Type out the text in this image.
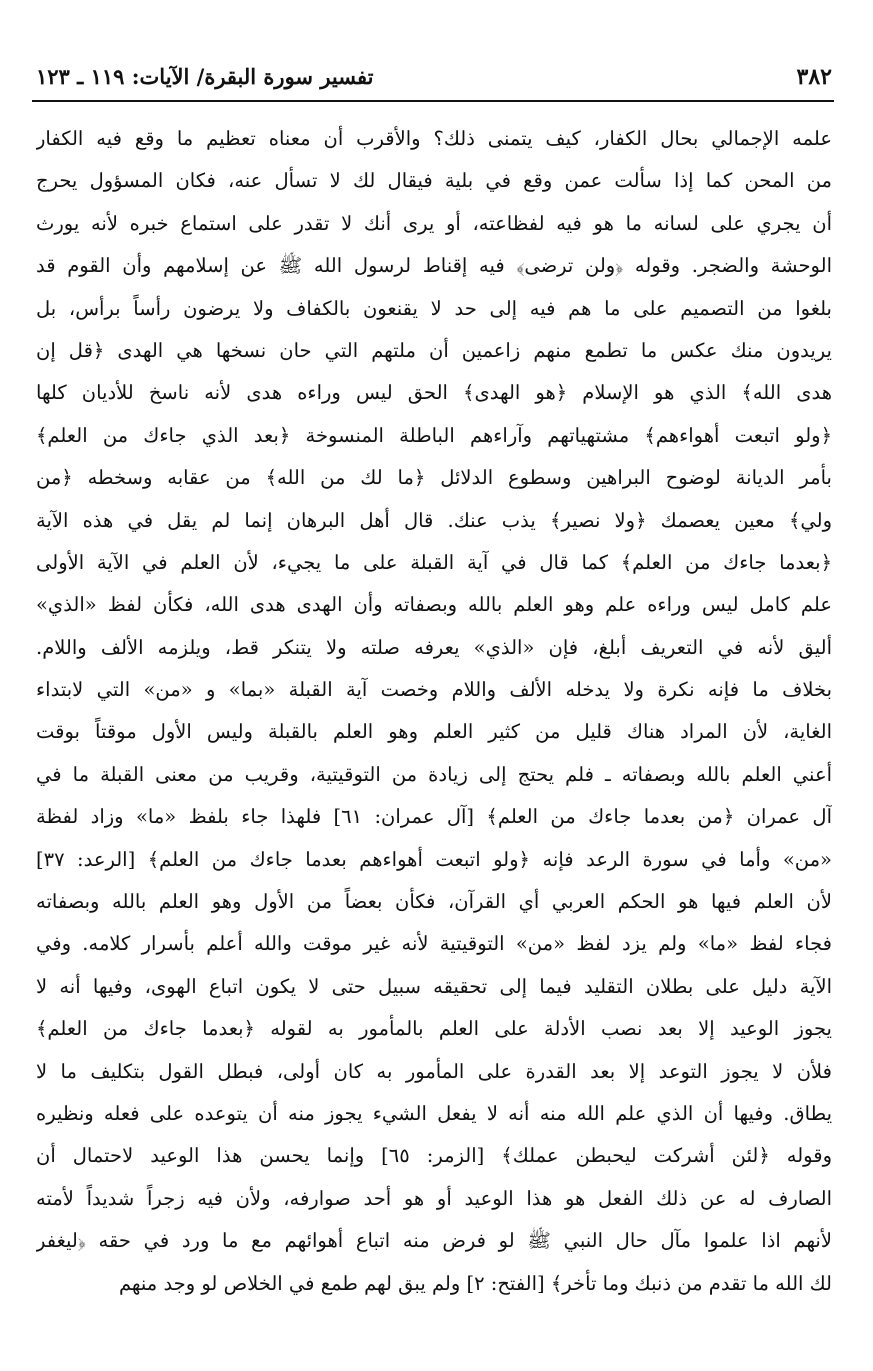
٣٨٢
تفسير سورة البقرة/ الآيات: ١١٩ ـ ١٢٣
علمه الإجمالي بحال الكفار، كيف يتمنى ذلك؟ والأقرب أن معناه تعظيم ما وقع فيه الكفار
من المحن كما إذا سألت عمن وقع في بلية فيقال لك لا تسأل عنه، فكان المسؤول يحرج
أن يجري على لسانه ما هو فيه لفظاعته، أو يرى أنك لا تقدر على استماع خبره لأنه يورث
الوحشة والضجر. وقوله ﴿ولن ترضى﴾ فيه إقناط لرسول الله ﷺ عن إسلامهم وأن القوم قد
بلغوا من التصميم على ما هم فيه إلى حد لا يقنعون بالكفاف ولا يرضون رأساً برأس، بل
يريدون منك عكس ما تطمع منهم زاعمين أن ملتهم التي حان نسخها هي الهدى ﴿قل إن
هدى الله﴾ الذي هو الإسلام ﴿هو الهدى﴾ الحق ليس وراءه هدى لأنه ناسخ للأديان كلها
﴿ولو اتبعت أهواءهم﴾ مشتهياتهم وآراءهم الباطلة المنسوخة ﴿بعد الذي جاءك من العلم﴾
بأمر الديانة لوضوح البراهين وسطوع الدلائل ﴿ما لك من الله﴾ من عقابه وسخطه ﴿من
ولي﴾ معين يعصمك ﴿ولا نصير﴾ يذب عنك. قال أهل البرهان إنما لم يقل في هذه الآية
﴿بعدما جاءك من العلم﴾ كما قال في آية القبلة على ما يجيء، لأن العلم في الآية الأولى
علم كامل ليس وراءه علم وهو العلم بالله وبصفاته وأن الهدى هدى الله، فكأن لفظ «الذي»
أليق لأنه في التعريف أبلغ، فإن «الذي» يعرفه صلته ولا يتنكر قط، ويلزمه الألف واللام.
بخلاف ما فإنه نكرة ولا يدخله الألف واللام وخصت آية القبلة «بما» و «من» التي لابتداء
الغاية، لأن المراد هناك قليل من كثير العلم وهو العلم بالقبلة وليس الأول موقتاً بوقت
أعني العلم بالله وبصفاته ـ فلم يحتج إلى زيادة من التوقيتية، وقريب من معنى القبلة ما في
آل عمران ﴿من بعدما جاءك من العلم﴾ [آل عمران: ٦١] فلهذا جاء بلفظ «ما» وزاد لفظة
«من» وأما في سورة الرعد فإنه ﴿ولو اتبعت أهواءهم بعدما جاءك من العلم﴾ [الرعد: ٣٧]
لأن العلم فيها هو الحكم العربي أي القرآن، فكأن بعضاً من الأول وهو العلم بالله وبصفاته
فجاء لفظ «ما» ولم يزد لفظ «من» التوقيتية لأنه غير موقت والله أعلم بأسرار كلامه. وفي
الآية دليل على بطلان التقليد فيما إلى تحقيقه سبيل حتى لا يكون اتباع الهوى، وفيها أنه لا
يجوز الوعيد إلا بعد نصب الأدلة على العلم بالمأمور به لقوله ﴿بعدما جاءك من العلم﴾
فلأن لا يجوز التوعد إلا بعد القدرة على المأمور به كان أولى، فبطل القول بتكليف ما لا
يطاق. وفيها أن الذي علم الله منه أنه لا يفعل الشيء يجوز منه أن يتوعده على فعله ونظيره
وقوله ﴿لئن أشركت ليحبطن عملك﴾ [الزمر: ٦٥] وإنما يحسن هذا الوعيد لاحتمال أن
الصارف له عن ذلك الفعل هو هذا الوعيد أو هو أحد صوارفه، ولأن فيه زجراً شديداً لأمته
لأنهم اذا علموا مآل حال النبي ﷺ لو فرض منه اتباع أهوائهم مع ما ورد في حقه ﴿ليغفر
لك الله ما تقدم من ذنبك وما تأخر﴾ [الفتح: ٢] ولم يبق لهم طمع في الخلاص لو وجد منهم
